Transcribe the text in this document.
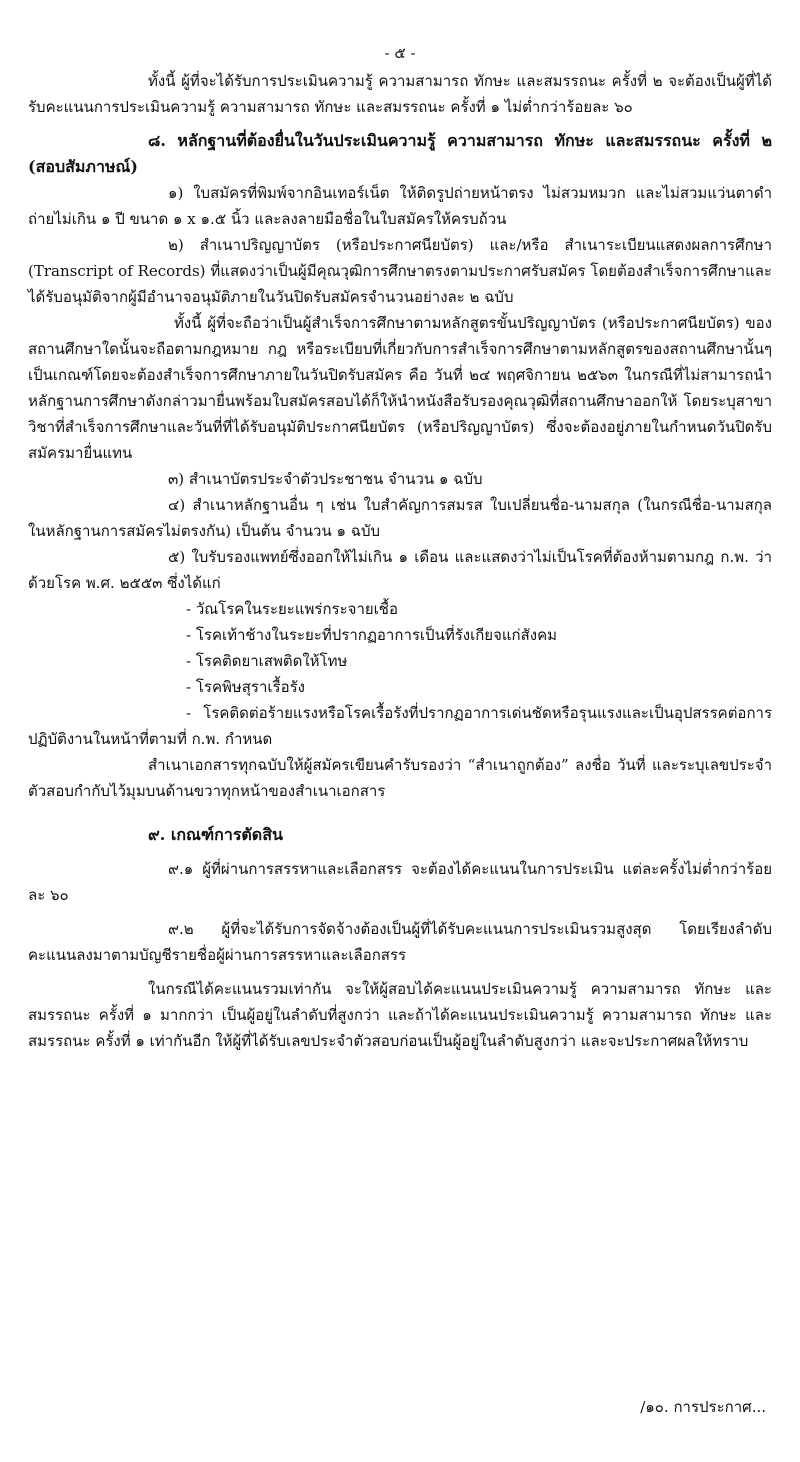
- ๕ -

ทั้งนี้ ผู้ที่จะได้รับการประเมินความรู้ ความสามารถ ทักษะ และสมรรถนะ ครั้งที่ ๒ จะต้องเป็นผู้ที่ได้รับคะแนนการประเมินความรู้ ความสามารถ ทักษะ และสมรรถนะ ครั้งที่ ๑ ไม่ต่ำกว่าร้อยละ ๖๐

๘. หลักฐานที่ต้องยื่นในวันประเมินความรู้ ความสามารถ ทักษะ และสมรรถนะ ครั้งที่ ๒ (สอบสัมภาษณ์)

๑) ใบสมัครที่พิมพ์จากอินเทอร์เน็ต ให้ติดรูปถ่ายหน้าตรง ไม่สวมหมวก และไม่สวมแว่นตาดำ ถ่ายไม่เกิน ๑ ปี ขนาด ๑ x ๑.๕ นิ้ว และลงลายมือชื่อในใบสมัครให้ครบถ้วน

๒) สำเนาปริญญาบัตร (หรือประกาศนียบัตร) และ/หรือ สำเนาระเบียนแสดงผลการศึกษา (Transcript of Records) ที่แสดงว่าเป็นผู้มีคุณวุฒิการศึกษาตรงตามประกาศรับสมัคร โดยต้องสำเร็จการศึกษาและได้รับอนุมัติจากผู้มีอำนาจอนุมัติภายในวันปิดรับสมัครจำนวนอย่างละ ๒ ฉบับ

ทั้งนี้ ผู้ที่จะถือว่าเป็นผู้สำเร็จการศึกษาตามหลักสูตรขั้นปริญญาบัตร (หรือประกาศนียบัตร) ของสถานศึกษาใดนั้นจะถือตามกฎหมาย กฎ หรือระเบียบที่เกี่ยวกับการสำเร็จการศึกษาตามหลักสูตรของสถานศึกษานั้นๆ เป็นเกณฑ์โดยจะต้องสำเร็จการศึกษาภายในวันปิดรับสมัคร คือ วันที่ ๒๔ พฤศจิกายน ๒๕๖๓ ในกรณีที่ไม่สามารถนำหลักฐานการศึกษาดังกล่าวมายื่นพร้อมใบสมัครสอบได้ก็ให้นำหนังสือรับรองคุณวุฒิที่สถานศึกษาออกให้ โดยระบุสาขาวิชาที่สำเร็จการศึกษาและวันที่ที่ได้รับอนุมัติประกาศนียบัตร (หรือปริญญาบัตร) ซึ่งจะต้องอยู่ภายในกำหนดวันปิดรับสมัครมายื่นแทน

๓) สำเนาบัตรประจำตัวประชาชน จำนวน ๑ ฉบับ

๔) สำเนาหลักฐานอื่น ๆ เช่น ใบสำคัญการสมรส ใบเปลี่ยนชื่อ-นามสกุล (ในกรณีชื่อ-นามสกุล ในหลักฐานการสมัครไม่ตรงกัน) เป็นต้น จำนวน ๑ ฉบับ

๕) ใบรับรองแพทย์ซึ่งออกให้ไม่เกิน ๑ เดือน และแสดงว่าไม่เป็นโรคที่ต้องห้ามตามกฎ ก.พ. ว่าด้วยโรค พ.ศ. ๒๕๕๓ ซึ่งได้แก่

- วัณโรคในระยะแพร่กระจายเชื้อ
- โรคเท้าช้างในระยะที่ปรากฏอาการเป็นที่รังเกียจแก่สังคม
- โรคติดยาเสพติดให้โทษ
- โรคพิษสุราเรื้อรัง

- โรคติดต่อร้ายแรงหรือโรคเรื้อรังที่ปรากฏอาการเด่นชัดหรือรุนแรงและเป็นอุปสรรคต่อการปฏิบัติงานในหน้าที่ตามที่ ก.พ. กำหนด

สำเนาเอกสารทุกฉบับให้ผู้สมัครเขียนคำรับรองว่า “สำเนาถูกต้อง” ลงชื่อ วันที่ และระบุเลขประจำตัวสอบกำกับไว้มุมบนด้านขวาทุกหน้าของสำเนาเอกสาร

๙. เกณฑ์การตัดสิน

๙.๑ ผู้ที่ผ่านการสรรหาและเลือกสรร จะต้องได้คะแนนในการประเมิน แต่ละครั้งไม่ต่ำกว่าร้อยละ ๖๐

๙.๒ ผู้ที่จะได้รับการจัดจ้างต้องเป็นผู้ที่ได้รับคะแนนการประเมินรวมสูงสุด โดยเรียงลำดับคะแนนลงมาตามบัญชีรายชื่อผู้ผ่านการสรรหาและเลือกสรร

ในกรณีได้คะแนนรวมเท่ากัน จะให้ผู้สอบได้คะแนนประเมินความรู้ ความสามารถ ทักษะ และสมรรถนะ ครั้งที่ ๑ มากกว่า เป็นผู้อยู่ในลำดับที่สูงกว่า และถ้าได้คะแนนประเมินความรู้ ความสามารถ ทักษะ และสมรรถนะ ครั้งที่ ๑ เท่ากันอีก ให้ผู้ที่ได้รับเลขประจำตัวสอบก่อนเป็นผู้อยู่ในลำดับสูงกว่า และจะประกาศผลให้ทราบ

/๑๐. การประกาศ...
